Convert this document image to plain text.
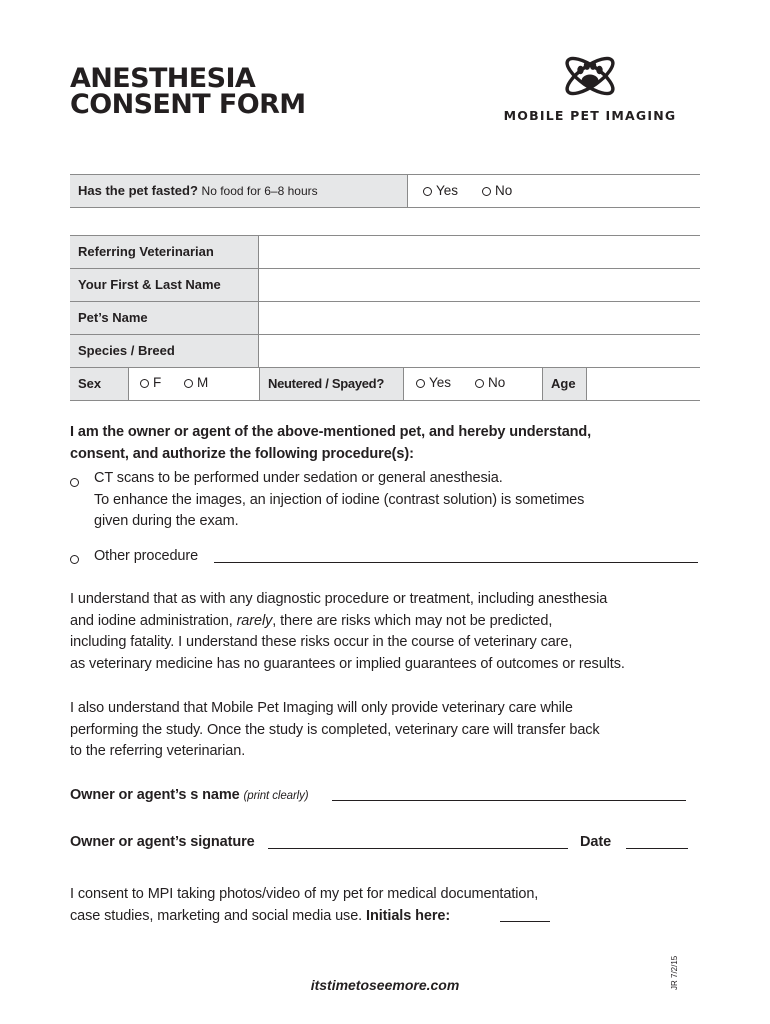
ANESTHESIA
CONSENT FORM	MOBILE PET IMAGING
Has the pet fasted? No food for 6–8 hours	Yes	No
Referring Veterinarian
Your First & Last Name
Pet’s Name
Species / Breed
Sex	F	M	Neutered / Spayed?	Yes	No	Age

I am the owner or agent of the above-mentioned pet, and hereby understand,
consent, and authorize the following procedure(s):

CT scans to be performed under sedation or general anesthesia.
To enhance the images, an injection of iodine (contrast solution) is sometimes
given during the exam.

Other procedure

I understand that as with any diagnostic procedure or treatment, including anesthesia
and iodine administration, rarely, there are risks which may not be predicted,
including fatality. I understand these risks occur in the course of veterinary care,
as veterinary medicine has no guarantees or implied guarantees of outcomes or results.

I also understand that Mobile Pet Imaging will only provide veterinary care while
performing the study. Once the study is completed, veterinary care will transfer back
to the referring veterinarian.

Owner or agent’s s name (print clearly)

Owner or agent’s signature	Date

I consent to MPI taking photos/video of my pet for medical documentation,
case studies, marketing and social media use. Initials here:

itstimetoseemore.com	JR 7/2/15
